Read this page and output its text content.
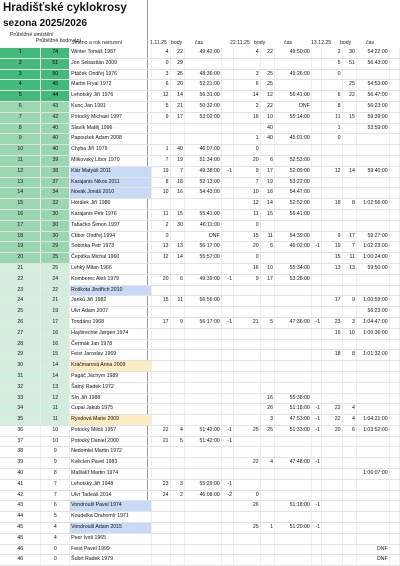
Hradišťské cyklokrosy
sezona 2025/2026
Průběžné umístění
Průběžné bodování
Jméno a rok narození	1.11.25 body čas	22.11.25 body	čas	13.12.25 body	čas
1	74	Winter Tomáš 1987	4	22	49:42:00		4	22	49:50:00		2	30	54:22:00	
2	51	Jon Sebastián 2009	0	29							5	51	56:43:00	
3	50	Ptáček Ondřej 1976	3	25	48:36:00		3	25	49:26:00		0			
4	45	Martin Fryal 1972	6	20	52:21:00		6	25				25	54:53:00	
5	44	Lehotský Jiří 1976	12	14	56:31:00		14	12	56:41:00		6	22	56:47:00	
6	43	Kunc Jan 1991	5	21	50:32:00		2	22	DNF		8		56:23:00	
7	42	Potocký Michael 1997	9	17	53:02:00		16	10	55:14:00		11	15	59:39:00	
8	40	Slavík Matěj 1996						40			1		53:59:00	
9	40	Papoušek Adam 2008					1	40	45:01:00		0			
10	40	Chyba Jiří 1979	1	40	46:07:00		0							
11	39	Mlikovský Libor 1970	7	19	51:34:00		20	6	52:53:00					
12	38	Klár Matyáš 2011	19	7	49:38:00	-1	9	17	52:09:00		12	14	59:40:00	
13	37	Karajanis Nikos 2011	8	18	52:13:00		7	19	53:22:00					
14	34	Novák Jonáš 2010	10	16	54:43:00		10	16	54:47:00					
15	32	Horálek Jiří 1986					12	14	52:52:00		18	8	1:02:56:00	
16	30	Karajanis Petr 1976	11	15	55:41:00		11	15	56:41:00					
17	30	Tabačko Šimon 1997	2	30	46:11:00		0							
18	30	Ctibor Ondřej 1994	0		DNF		15	11	54:39:00		9	17	59:27:00	
19	29	Sobotka Petr 1973	13	13	56:17:00		20	6	46:02:00	-1	19	7	1:02:23:00	
20	25	Čepička Michal 1960	12	14	55:57:00		0				15	11	1:00:24:00	
21	25	Lehký Milan 1966					16	10	55:34:00		13	13	59:50:00	
22	24	Komberec Aleš 1979	20	6	49:39:00	-1	9	17	53:28:00					
23	22	Roškota Jindřich 2010												
24	21	Janků Jiří 1982	15	11	56:56:00						17	9	1:00:59:00	
25	19	Ulvr Adam 2007											56:23:00	
26	17	Tondáno 1968	17	9	56:17:00	-1	21	5	47:36:00	-1	23	3	1:04:47:00	
27	16	Haybrechte Jørgen 1974									16	10	1:00:36:00	
28	16	Čermák Jan 1978												
29	15	Feist Jaroslav 1969									18	8	1:01:32:00	
30	14	Kráčmarová Anna 2009												
31	14	Pagáč Jáchym 1989												
32	13	Šatný Radek 1972												
33	12	Sín Jiří 1988						16	55:38:00					
34	11	Cupal Jakub 1975						26	51:18:00	-1	22	4		
35	11	Ryndová Marie 2009						3	47:53:00	-1	22	4	1:04:21:00	
36	10	Potocký Miloš 1957	22	4	51:42:00	-1	25	25	51:33:00	-1	20	6	1:03:52:00	
37	10	Potocký Daniel 2000	21	5	51:42:00	-1								
38	9	Nedomlel Martin 1972												
39	9	Kvěcíen Pavel 1983					22	4	47:48:00	-1				
40	8	Mašlalíř Martin 1974											1:06:07:00	
41	7	Lehotský Jiří 1948	23	3	55:29:00	-1								
42	7	Ulvr Tadeáš 2014	24	2	46:08:00	-2	0							
43	6	Vondroušl Pavel 1974					26		51:18:00	-1				
44	5	Koudelka Drahomír 1971												
45	4	Vondroušl Adam 2015					25	1	51:20:00	-1				
45	4	Peer Ivoš 1965												
46	0	Feist Pavel 1999											DNF	
46	0	Šubrt Radek 1979											DNF	
